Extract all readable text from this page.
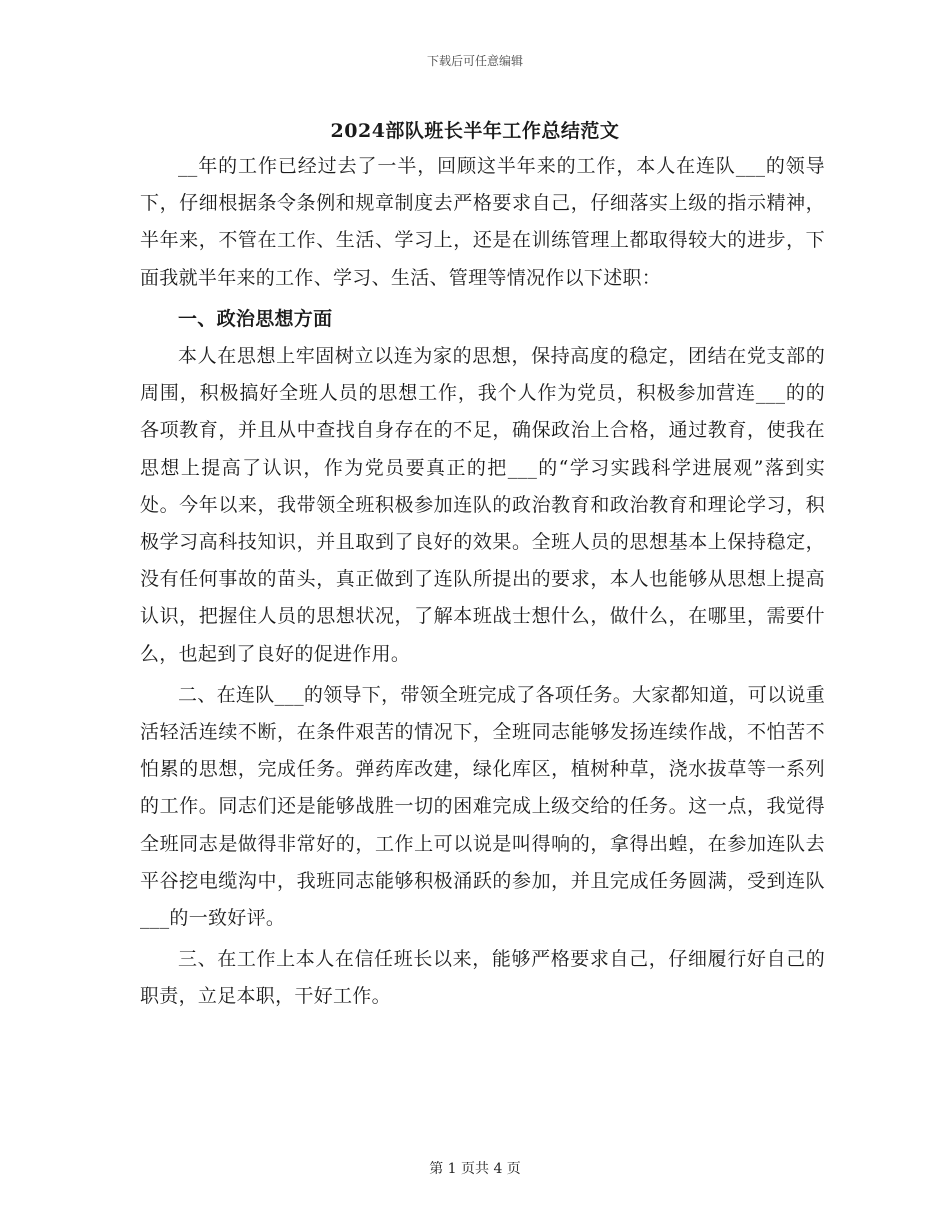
下载后可任意编辑
2024部队班长半年工作总结范文

__年的工作已经过去了一半，回顾这半年来的工作，本人在连队___的领导下，仔细根据条令条例和规章制度去严格要求自己，仔细落实上级的指示精神，半年来，不管在工作、生活、学习上，还是在训练管理上都取得较大的进步，下面我就半年来的工作、学习、生活、管理等情况作以下述职：

一、政治思想方面

本人在思想上牢固树立以连为家的思想，保持高度的稳定，团结在党支部的周围，积极搞好全班人员的思想工作，我个人作为党员，积极参加营连___的的各项教育，并且从中查找自身存在的不足，确保政治上合格，通过教育，使我在思想上提高了认识，作为党员要真正的把___的“学习实践科学进展观”落到实处。今年以来，我带领全班积极参加连队的政治教育和政治教育和理论学习，积极学习高科技知识，并且取到了良好的效果。全班人员的思想基本上保持稳定，没有任何事故的苗头，真正做到了连队所提出的要求，本人也能够从思想上提高认识，把握住人员的思想状况，了解本班战士想什么，做什么，在哪里，需要什么，也起到了良好的促进作用。

二、在连队___的领导下，带领全班完成了各项任务。大家都知道，可以说重活轻活连续不断，在条件艰苦的情况下，全班同志能够发扬连续作战，不怕苦不怕累的思想，完成任务。弹药库改建，绿化库区，植树种草，浇水拔草等一系列的工作。同志们还是能够战胜一切的困难完成上级交给的任务。这一点，我觉得全班同志是做得非常好的，工作上可以说是叫得响的，拿得出蝗，在参加连队去平谷挖电缆沟中，我班同志能够积极涌跃的参加，并且完成任务圆满，受到连队___的一致好评。

三、在工作上本人在信任班长以来，能够严格要求自己，仔细履行好自己的职责，立足本职，干好工作。

第 1 页共 4 页
